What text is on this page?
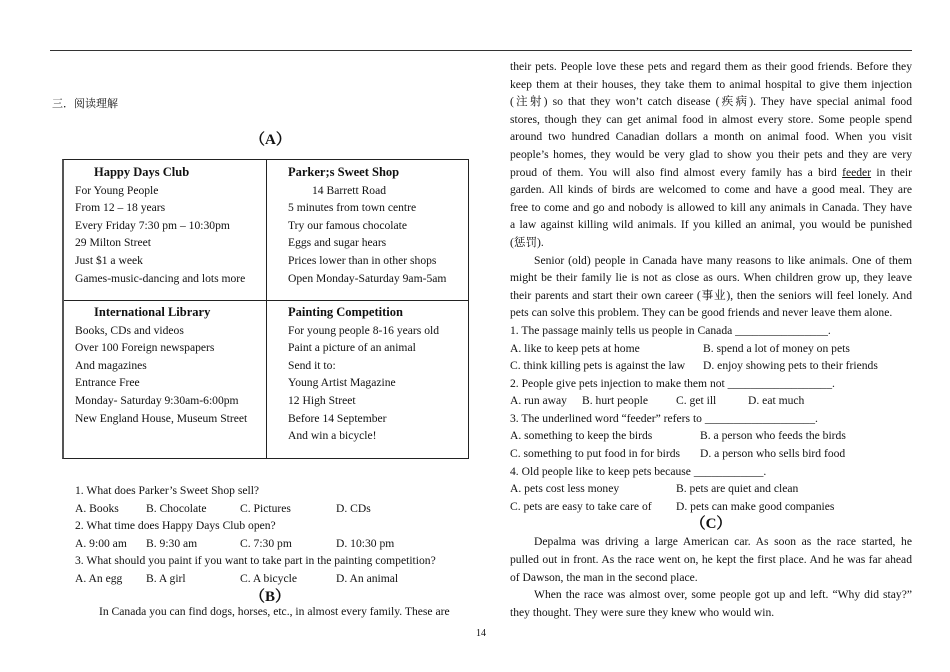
三．阅读理解
（A）
Happy Days Club
For Young People
From 12 – 18 years
Every Friday 7:30 pm – 10:30pm
29 Milton Street
Just $1 a week
Games-music-dancing and lots more
Parker;s Sweet Shop
14 Barrett Road
5 minutes from town centre
Try our famous chocolate
Eggs and sugar hears
Prices lower than in other shops
Open Monday-Saturday 9am-5am
International Library
Books, CDs and videos
Over 100 Foreign newspapers
And magazines
Entrance Free
Monday- Saturday 9:30am-6:00pm
New England House, Museum Street
Painting Competition
For young people 8-16 years old
Paint a picture of an animal
Send it to:
Young Artist Magazine
12 High Street
Before 14 September
And win a bicycle!
1. What does Parker’s Sweet Shop sell?
A. Books B. Chocolate	C. Pictures	D. CDs
2. What time does Happy Days Club open?
A. 9:00 am B. 9:30 am	C. 7:30 pm	D. 10:30 pm
3. What should you paint if you want to take part in the painting competition?
A. An egg B. A girl	C. A bicycle	D. An animal
（B）
In Canada you can find dogs, horses, etc., in almost every family. These are
their pets. People love these pets and regard them as their good friends. Before they
keep them at their houses, they take them to animal hospital to give them injection
(注射) so that they won’t catch disease (疾病). They have special animal food
stores, though they can get animal food in almost every store. Some people spend
around two hundred Canadian dollars a month on animal food. When you visit
people’s homes, they would be very glad to show you their pets and they are very
proud of them. You will also find almost every family has a bird feeder in their
garden. All kinds of birds are welcomed to come and have a good meal. They are
free to come and go and nobody is allowed to kill any animals in Canada. They have
a law against killing wild animals. If you killed an animal, you would be punished
(惩罚).
Senior (old) people in Canada have many reasons to like animals. One of them
might be their family lie is not as close as ours. When children grow up, they leave
their parents and start their own career (事业), then the seniors will feel lonely. And
pets can solve this problem. They can be good friends and never leave them alone.
1. The passage mainly tells us people in Canada ________________.
A. like to keep pets at home	B. spend a lot of money on pets
C. think killing pets is against the law D. enjoy showing pets to their friends
2. People give pets injection to make them not __________________.
A. run away B. hurt people C. get ill	D. eat much
3. The underlined word “feeder” refers to ___________________.
A. something to keep the birds	B. a person who feeds the birds
C. something to put food in for birds D. a person who sells bird food
4. Old people like to keep pets because ____________.
A. pets cost less money	B. pets are quiet and clean
C. pets are easy to take care of D. pets can make good companies
（C）
Depalma was driving a large American car. As soon as the race started, he
pulled out in front. As the race went on, he kept the first place. And he was far ahead
of Dawson, the man in the second place.
When the race was almost over, some people got up and left. “Why did stay?”
they thought. They were sure they knew who would win.
14
